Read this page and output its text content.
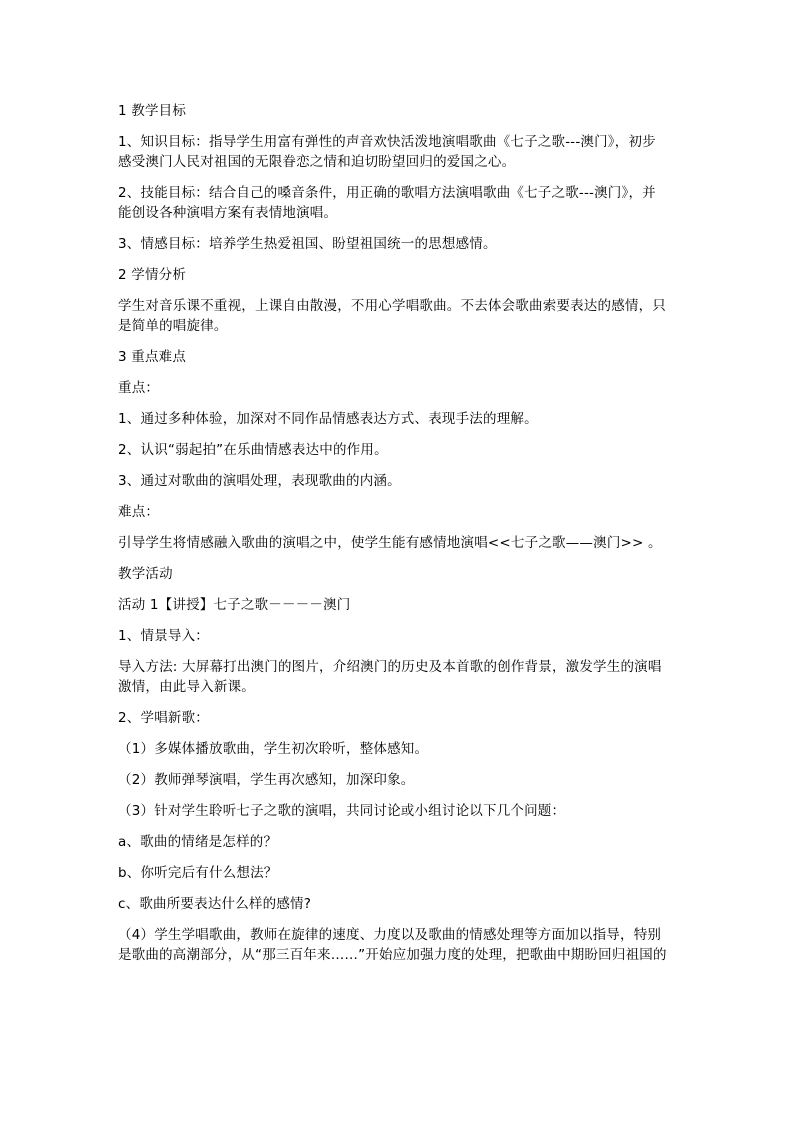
1 教学目标
1、知识目标：指导学生用富有弹性的声音欢快活泼地演唱歌曲《七子之歌---澳门》，初步
感受澳门人民对祖国的无限眷恋之情和迫切盼望回归的爱国之心。
2、技能目标：结合自己的嗓音条件，用正确的歌唱方法演唱歌曲《七子之歌---澳门》，并
能创设各种演唱方案有表情地演唱。
3、情感目标：培养学生热爱祖国、盼望祖国统一的思想感情。
2 学情分析
学生对音乐课不重视，上课自由散漫，不用心学唱歌曲。不去体会歌曲索要表达的感情，只
是简单的唱旋律。
3 重点难点
重点：
1、通过多种体验，加深对不同作品情感表达方式、表现手法的理解。
2、认识“弱起拍”在乐曲情感表达中的作用。
3、通过对歌曲的演唱处理，表现歌曲的内涵。
难点：
引导学生将情感融入歌曲的演唱之中，使学生能有感情地演唱<<七子之歌——澳门>> 。
教学活动
活动 1【讲授】七子之歌－－－－澳门
1、情景导入：
导入方法: 大屏幕打出澳门的图片，介绍澳门的历史及本首歌的创作背景，激发学生的演唱
激情，由此导入新课。
2、学唱新歌：
（1）多媒体播放歌曲，学生初次聆听，整体感知。
（2）教师弹琴演唱，学生再次感知，加深印象。
（3）针对学生聆听七子之歌的演唱，共同讨论或小组讨论以下几个问题：
a、歌曲的情绪是怎样的？
b、你听完后有什么想法？
c、歌曲所要表达什么样的感情?
（4）学生学唱歌曲，教师在旋律的速度、力度以及歌曲的情感处理等方面加以指导，特别
是歌曲的高潮部分，从“那三百年来……”开始应加强力度的处理，把歌曲中期盼回归祖国的
